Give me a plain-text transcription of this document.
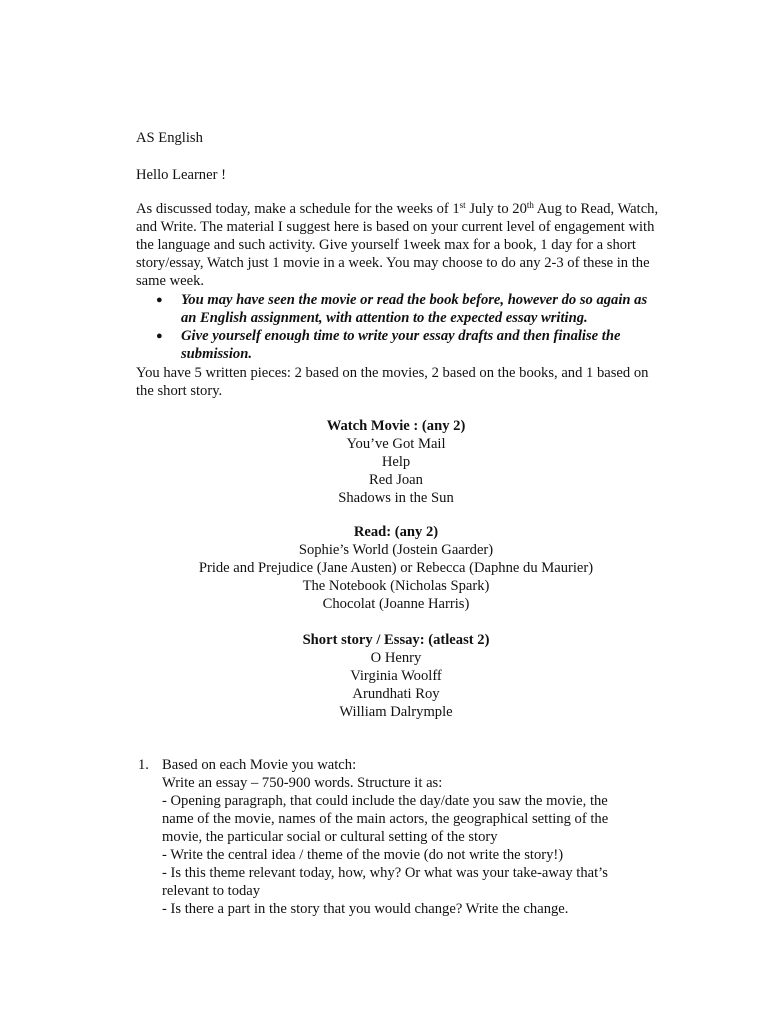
AS English

Hello Learner !

As discussed today, make a schedule for the weeks of 1st July to 20th Aug to Read, Watch, and Write. The material I suggest here is based on your current level of engagement with the language and such activity. Give yourself 1week max for a book, 1 day for a short story/essay, Watch just 1 movie in a week. You may choose to do any 2-3 of these in the same week.

● You may have seen the movie or read the book before, however do so again as an English assignment, with attention to the expected essay writing.
● Give yourself enough time to write your essay drafts and then finalise the submission.

You have 5 written pieces: 2 based on the movies, 2 based on the books, and 1 based on the short story.

Watch Movie : (any 2)
You’ve Got Mail
Help
Red Joan
Shadows in the Sun
Read: (any 2)
Sophie’s World (Jostein Gaarder)
Pride and Prejudice (Jane Austen) or Rebecca (Daphne du Maurier)
The Notebook (Nicholas Spark)
Chocolat (Joanne Harris)
Short story / Essay: (atleast 2)
O Henry
Virginia Woolff
Arundhati Roy
William Dalrymple
1. Based on each Movie you watch:
Write an essay – 750-900 words. Structure it as:
- Opening paragraph, that could include the day/date you saw the movie, the name of the movie, names of the main actors, the geographical setting of the movie, the particular social or cultural setting of the story
- Write the central idea / theme of the movie (do not write the story!)
- Is this theme relevant today, how, why? Or what was your take-away that’s relevant to today
- Is there a part in the story that you would change? Write the change.
